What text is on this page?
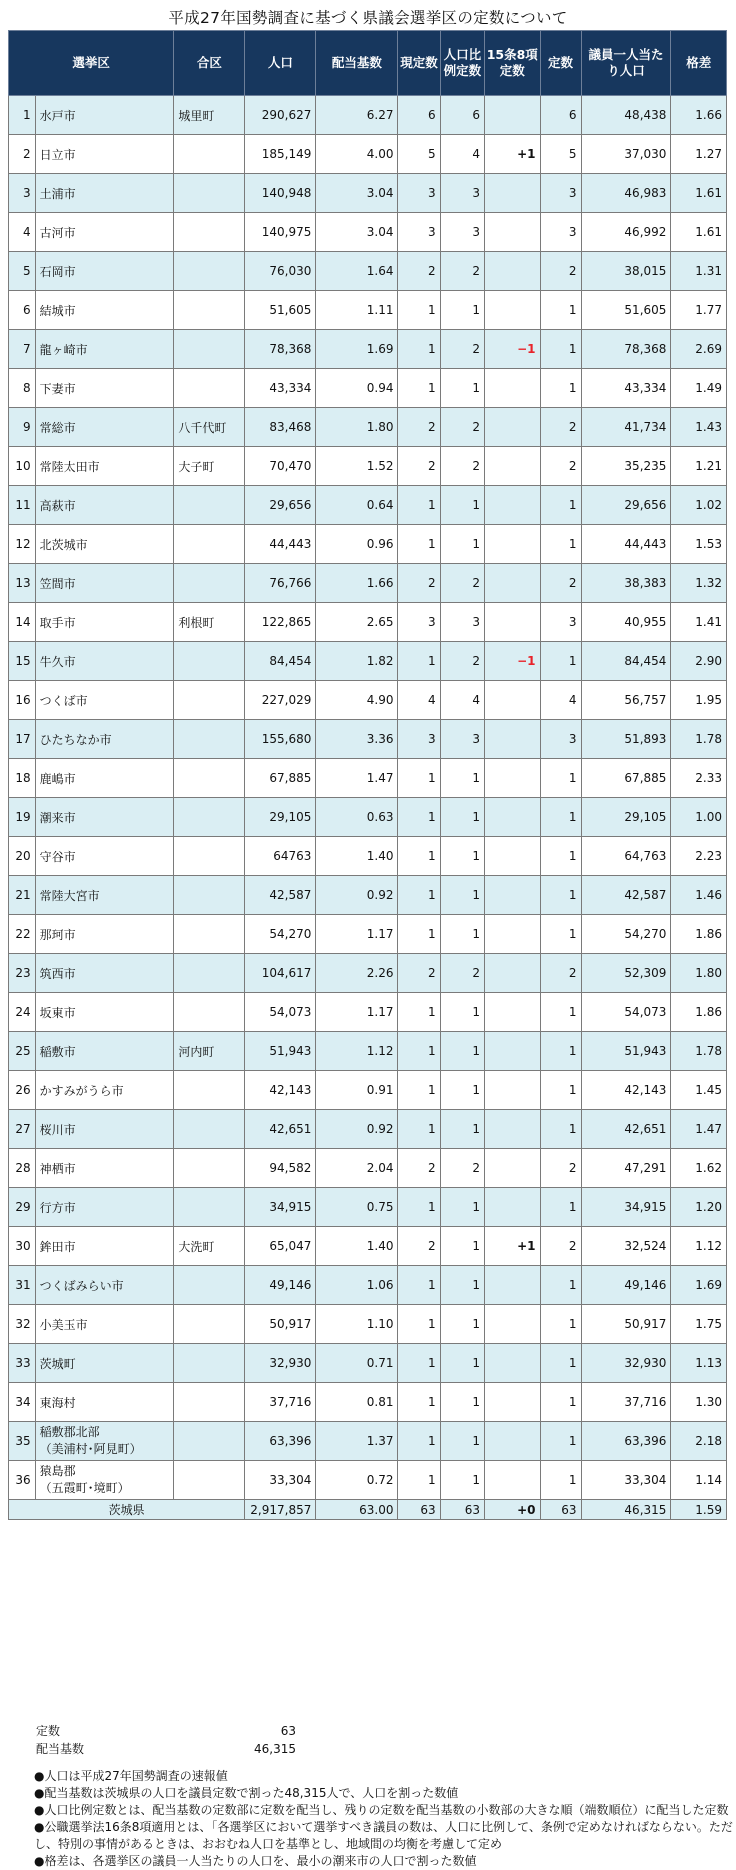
平成27年国勢調査に基づく県議会選挙区の定数について
選挙区		合区	人口	配当基数	現定数	人口比例定数	15条8項定数	定数	議員一人当たり人口	格差
1	水戸市	城里町	290,627	6.27	6	6		6	48,438	1.66
2	日立市		185,149	4.00	5	4	+1	5	37,030	1.27
3	土浦市		140,948	3.04	3	3		3	46,983	1.61
4	古河市		140,975	3.04	3	3		3	46,992	1.61
5	石岡市		76,030	1.64	2	2		2	38,015	1.31
6	結城市		51,605	1.11	1	1		1	51,605	1.77
7	龍ヶ崎市		78,368	1.69	1	2	−1	1	78,368	2.69
8	下妻市		43,334	0.94	1	1		1	43,334	1.49
9	常総市	八千代町	83,468	1.80	2	2		2	41,734	1.43
10	常陸太田市	大子町	70,470	1.52	2	2		2	35,235	1.21
11	高萩市		29,656	0.64	1	1		1	29,656	1.02
12	北茨城市		44,443	0.96	1	1		1	44,443	1.53
13	笠間市		76,766	1.66	2	2		2	38,383	1.32
14	取手市	利根町	122,865	2.65	3	3		3	40,955	1.41
15	牛久市		84,454	1.82	1	2	−1	1	84,454	2.90
16	つくば市		227,029	4.90	4	4		4	56,757	1.95
17	ひたちなか市		155,680	3.36	3	3		3	51,893	1.78
18	鹿嶋市		67,885	1.47	1	1		1	67,885	2.33
19	潮来市		29,105	0.63	1	1		1	29,105	1.00
20	守谷市		64763	1.40	1	1		1	64,763	2.23
21	常陸大宮市		42,587	0.92	1	1		1	42,587	1.46
22	那珂市		54,270	1.17	1	1		1	54,270	1.86
23	筑西市		104,617	2.26	2	2		2	52,309	1.80
24	坂東市		54,073	1.17	1	1		1	54,073	1.86
25	稲敷市	河内町	51,943	1.12	1	1		1	51,943	1.78
26	かすみがうら市		42,143	0.91	1	1		1	42,143	1.45
27	桜川市		42,651	0.92	1	1		1	42,651	1.47
28	神栖市		94,582	2.04	2	2		2	47,291	1.62
29	行方市		34,915	0.75	1	1		1	34,915	1.20
30	鉾田市	大洗町	65,047	1.40	2	1	+1	2	32,524	1.12
31	つくばみらい市		49,146	1.06	1	1		1	49,146	1.69
32	小美玉市		50,917	1.10	1	1		1	50,917	1.75
33	茨城町		32,930	0.71	1	1		1	32,930	1.13
34	東海村		37,716	0.81	1	1		1	37,716	1.30
35	稲敷郡北部
（美浦村･阿見町）		63,396	1.37	1	1		1	63,396	2.18
36	猿島郡
（五霞町･境町）		33,304	0.72	1	1		1	33,304	1.14
茨城県			2,917,857	63.00	63	63	+0	63	46,315	1.59
定数	63
配当基数	46,315
●人口は平成27年国勢調査の速報値
●配当基数は茨城県の人口を議員定数で割った48,315人で、人口を割った数値
●人口比例定数とは、配当基数の定数部に定数を配当し、残りの定数を配当基数の小数部の大きな順（端数順位）に配当した定数
●公職選挙法16条8項適用とは、「各選挙区において選挙すべき議員の数は、人口に比例して、条例で定めなければならない。ただし、特別の事情があるときは、おおむね人口を基準とし、地域間の均衡を考慮して定め
●格差は、各選挙区の議員一人当たりの人口を、最小の潮来市の人口で割った数値
